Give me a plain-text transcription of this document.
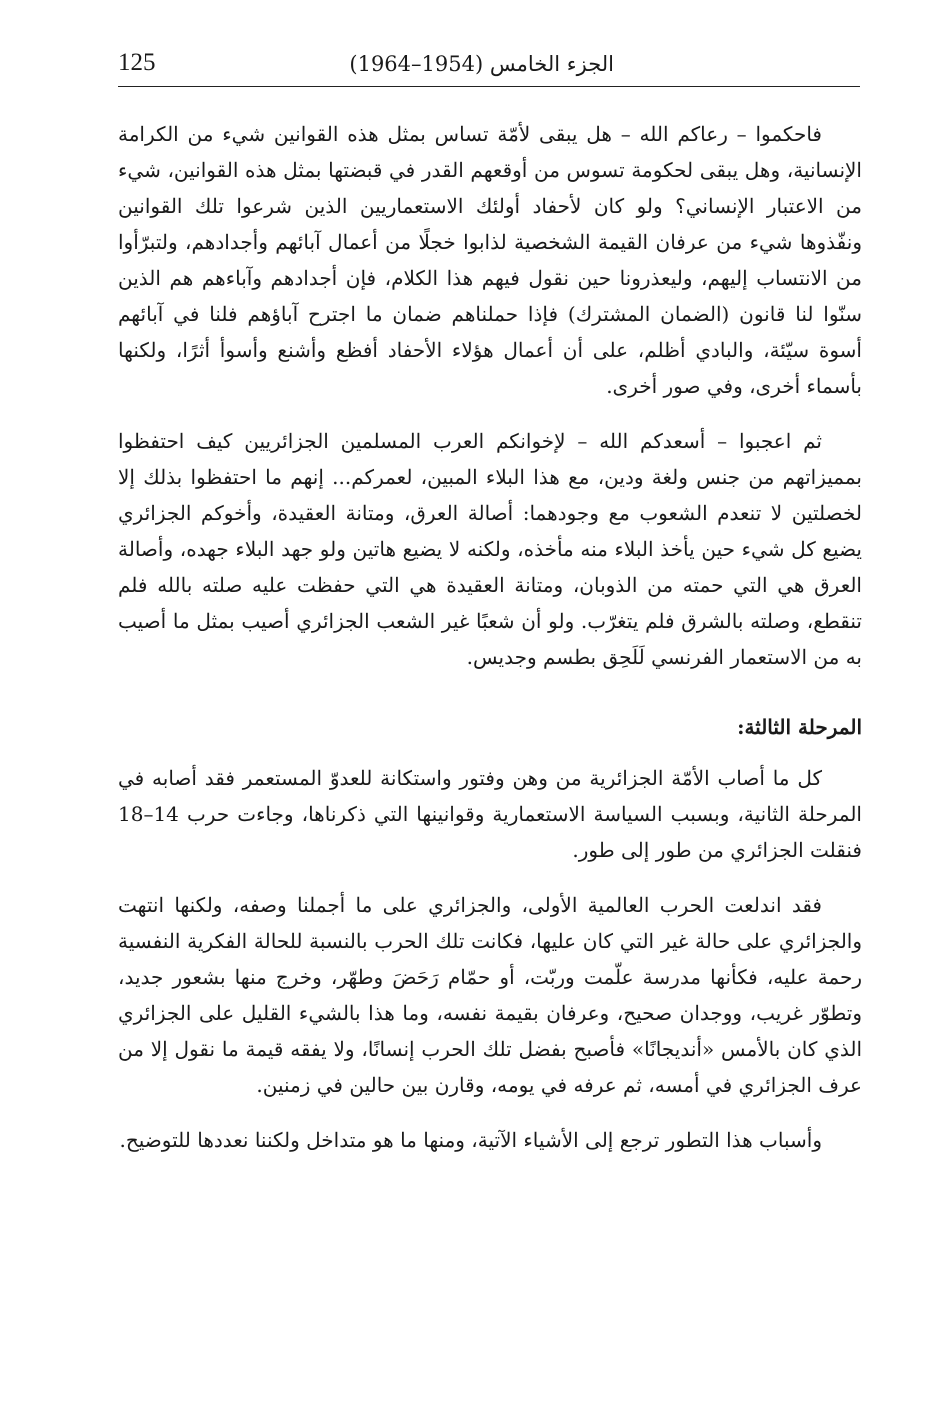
125	الجزء الخامس (1954–1964)

فاحكموا – رعاكم الله – هل يبقى لأمّة تساس بمثل هذه القوانين شيء من الكرامة الإنسانية، وهل يبقى لحكومة تسوس من أوقعهم القدر في قبضتها بمثل هذه القوانين، شيء من الاعتبار الإنساني؟ ولو كان لأحفاد أولئك الاستعماريين الذين شرعوا تلك القوانين ونفّذوها شيء من عرفان القيمة الشخصية لذابوا خجلًا من أعمال آبائهم وأجدادهم، ولتبرّأوا من الانتساب إليهم، وليعذرونا حين نقول فيهم هذا الكلام، فإن أجدادهم وآباءهم هم الذين سنّوا لنا قانون (الضمان المشترك) فإذا حملناهم ضمان ما اجترح آباؤهم فلنا في آبائهم أسوة سيّئة، والبادي أظلم، على أن أعمال هؤلاء الأحفاد أفظع وأشنع وأسوأ أثرًا، ولكنها بأسماء أخرى، وفي صور أخرى.

ثم اعجبوا – أسعدكم الله – لإخوانكم العرب المسلمين الجزائريين كيف احتفظوا بمميزاتهم من جنس ولغة ودين، مع هذا البلاء المبين، لعمركم... إنهم ما احتفظوا بذلك إلا لخصلتين لا تنعدم الشعوب مع وجودهما: أصالة العرق، ومتانة العقيدة، وأخوكم الجزائري يضيع كل شيء حين يأخذ البلاء منه مأخذه، ولكنه لا يضيع هاتين ولو جهد البلاء جهده، وأصالة العرق هي التي حمته من الذوبان، ومتانة العقيدة هي التي حفظت عليه صلته بالله فلم تنقطع، وصلته بالشرق فلم يتغرّب. ولو أن شعبًا غير الشعب الجزائري أصيب بمثل ما أصيب به من الاستعمار الفرنسي لَلَحِق بطسم وجديس.

المرحلة الثالثة:

كل ما أصاب الأمّة الجزائرية من وهن وفتور واستكانة للعدوّ المستعمر فقد أصابه في المرحلة الثانية، وبسبب السياسة الاستعمارية وقوانينها التي ذكرناها، وجاءت حرب 14–18 فنقلت الجزائري من طور إلى طور.

فقد اندلعت الحرب العالمية الأولى، والجزائري على ما أجملنا وصفه، ولكنها انتهت والجزائري على حالة غير التي كان عليها، فكانت تلك الحرب بالنسبة للحالة الفكرية النفسية رحمة عليه، فكأنها مدرسة علّمت وربّت، أو حمّام رَحَضَ وطهّر، وخرج منها بشعور جديد، وتطوّر غريب، ووجدان صحيح، وعرفان بقيمة نفسه، وما هذا بالشيء القليل على الجزائري الذي كان بالأمس «أنديجانًا» فأصبح بفضل تلك الحرب إنسانًا، ولا يفقه قيمة ما نقول إلا من عرف الجزائري في أمسه، ثم عرفه في يومه، وقارن بين حالين في زمنين.

وأسباب هذا التطور ترجع إلى الأشياء الآتية، ومنها ما هو متداخل ولكننا نعددها للتوضيح.
